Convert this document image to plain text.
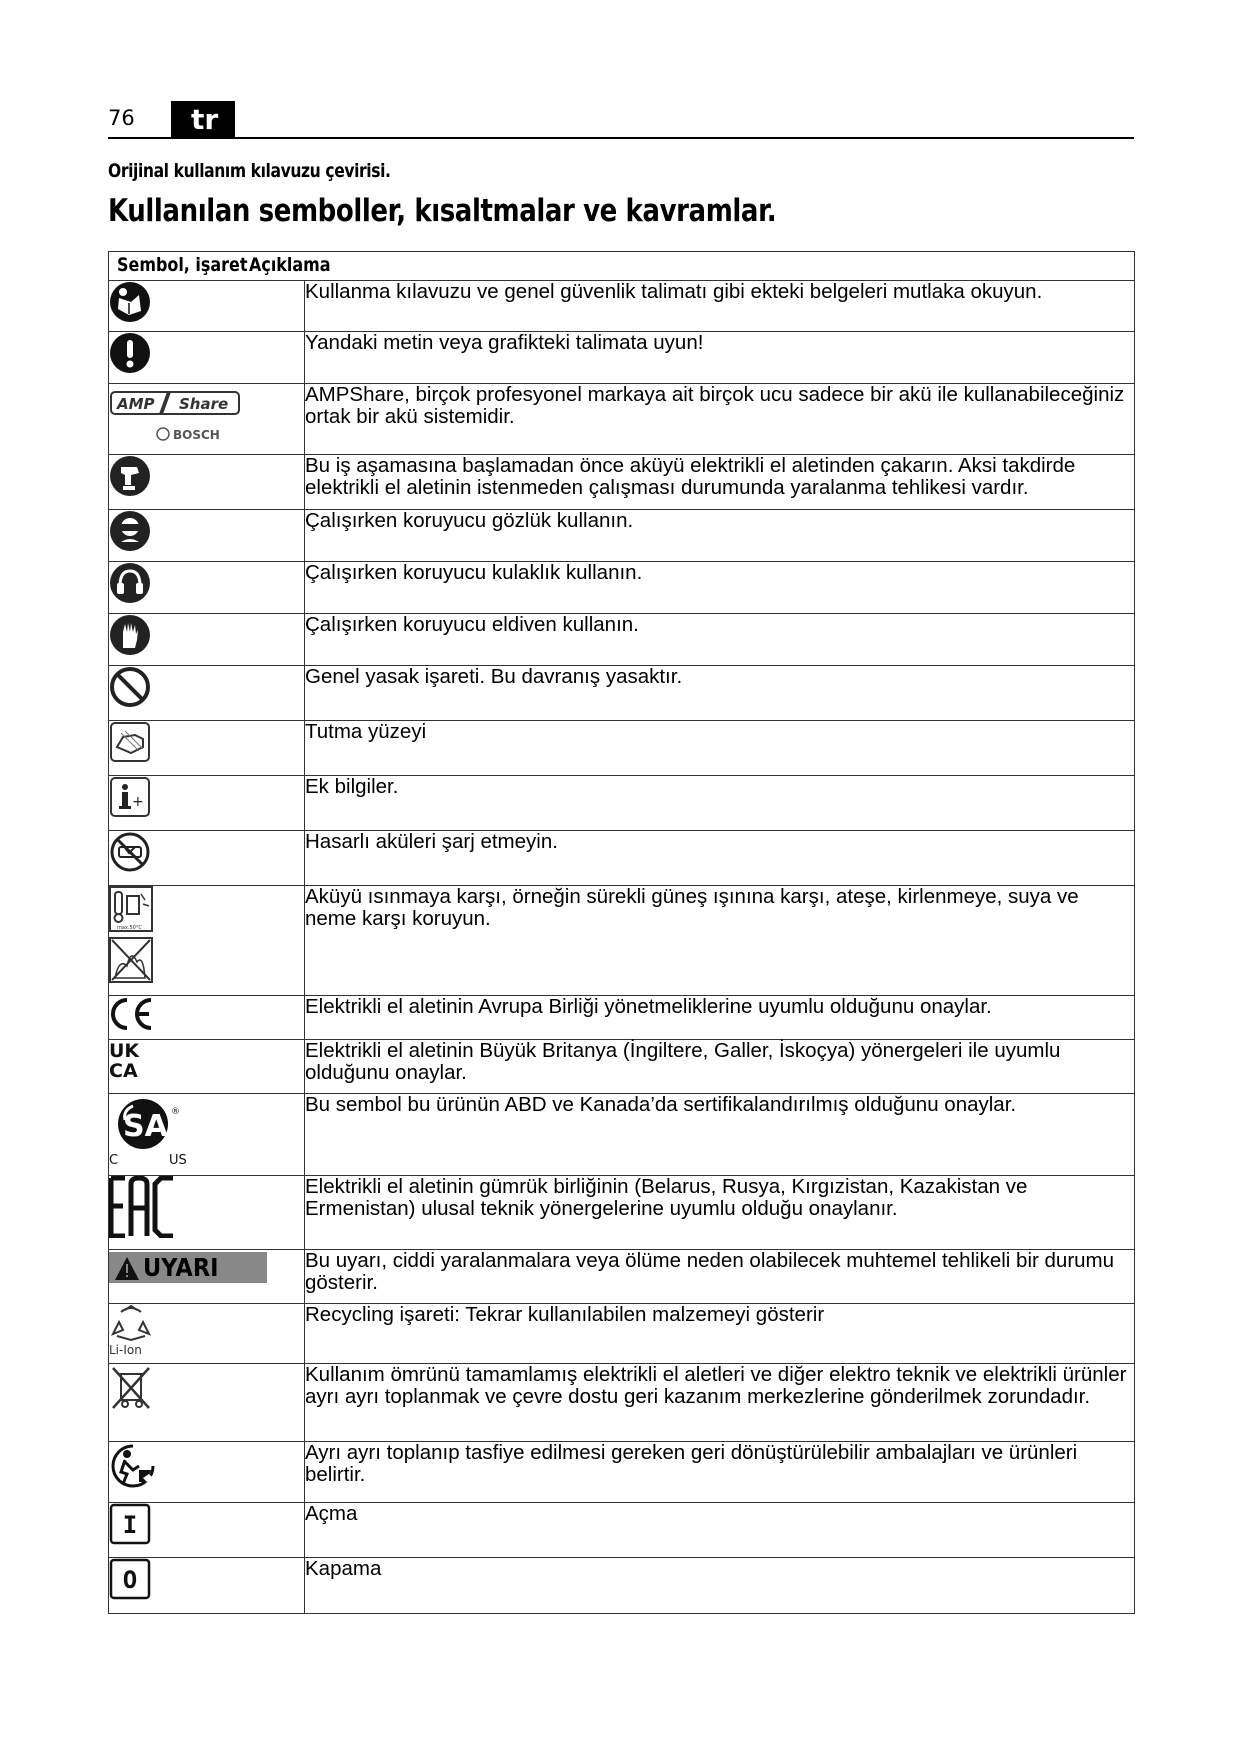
76	tr
Orijinal kullanım kılavuzu çevirisi.
Kullanılan semboller, kısaltmalar ve kavramlar.
Sembol, işaret Açıklama	

	Kullanma kılavuzu ve genel güvenlik talimatı gibi ekteki belgeleri mutlaka okuyun.

	Yandaki metin veya grafikteki talimata uyun!

AMP Share
BOSCH	AMPShare, birçok profesyonel markaya ait birçok ucu sadece bir akü ile kullanabileceğiniz ortak bir akü sistemidir.

	Bu iş aşamasına başlamadan önce aküyü elektrikli el aletinden çakarın. Aksi takdirde elektrikli el aletinin istenmeden çalışması durumunda yaralanma tehlikesi vardır.

	Çalışırken koruyucu gözlük kullanın.

	Çalışırken koruyucu kulaklık kullanın.

	Çalışırken koruyucu eldiven kullanın.

	Genel yasak işareti. Bu davranış yasaktır.

	Tutma yüzeyi

+	Ek bilgiler.

	Hasarlı aküleri şarj etmeyin.

max.50°C	Aküyü ısınmaya karşı, örneğin sürekli güneş ışınına karşı, ateşe, kirlenmeye, suya ve neme karşı koruyun.

	Elektrikli el aletinin Avrupa Birliği yönetmeliklerine uyumlu olduğunu onaylar.

UK
CA	Elektrikli el aletinin Büyük Britanya (İngiltere, Galler, İskoçya) yönergeleri ile uyumlu olduğunu onaylar.

SA ®
C US	Bu sembol bu ürünün ABD ve Kanada’da sertifikalandırılmış olduğunu onaylar.

	Elektrikli el aletinin gümrük birliğinin (Belarus, Rusya, Kırgızistan, Kazakistan ve Ermenistan) ulusal teknik yönergelerine uyumlu olduğu onaylanır.

UYARI	Bu uyarı, ciddi yaralanmalara veya ölüme neden olabilecek muhtemel tehlikeli bir durumu gösterir.

Li-Ion	Recycling işareti: Tekrar kullanılabilen malzemeyi gösterir

	Kullanım ömrünü tamamlamış elektrikli el aletleri ve diğer elektro teknik ve elektrikli ürünler ayrı ayrı toplanmak ve çevre dostu geri kazanım merkezlerine gönderilmek zorundadır.

	Ayrı ayrı toplanıp tasfiye edilmesi gereken geri dönüştürülebilir ambalajları ve ürünleri belirtir.

I	Açma

O	Kapama
